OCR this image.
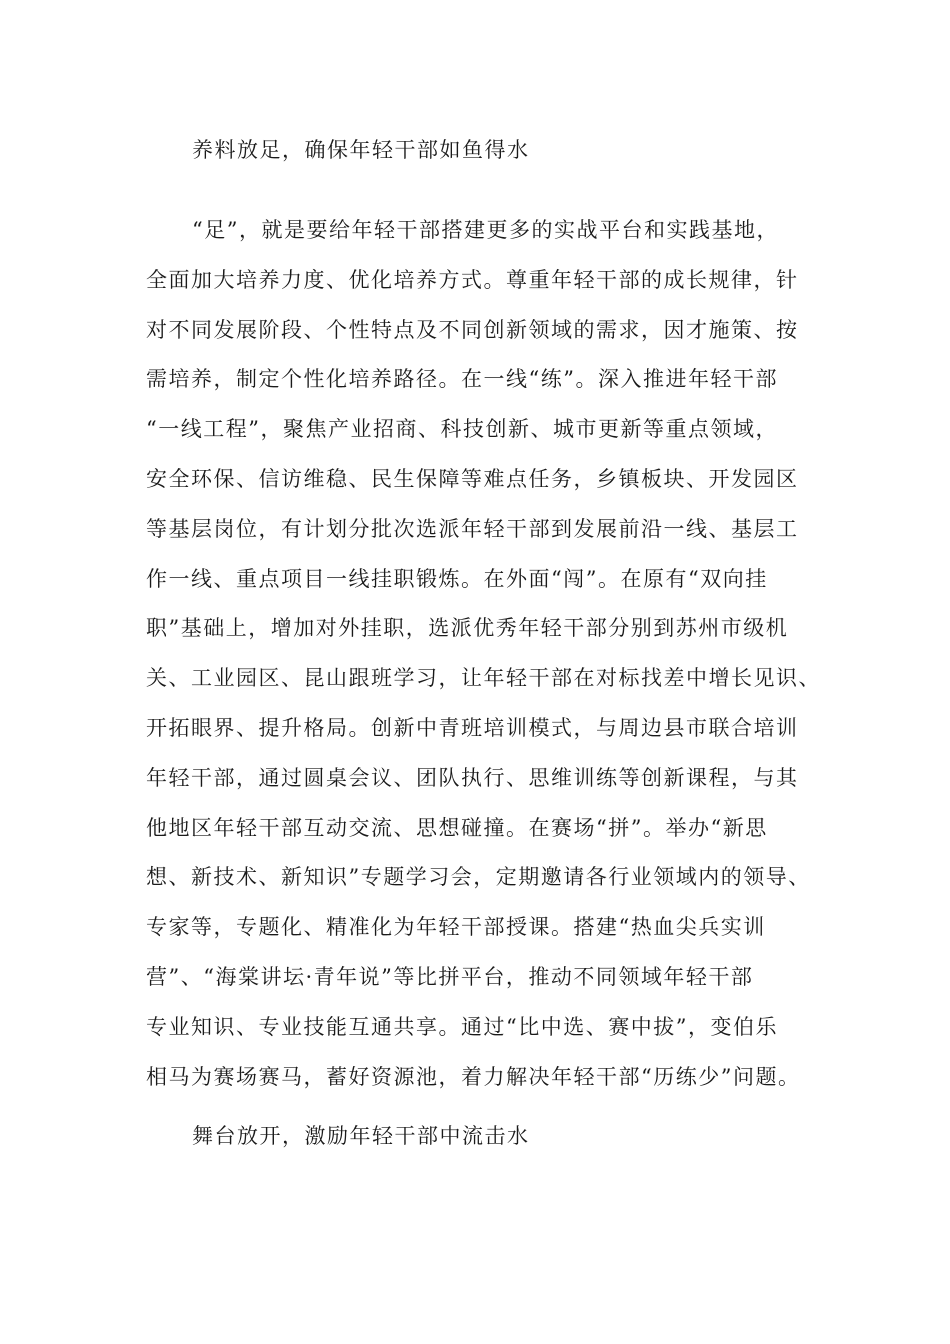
养料放足，确保年轻干部如鱼得水
“足”，就是要给年轻干部搭建更多的实战平台和实践基地，
全面加大培养力度、优化培养方式。尊重年轻干部的成长规律，针
对不同发展阶段、个性特点及不同创新领域的需求，因才施策、按
需培养，制定个性化培养路径。在一线“练”。深入推进年轻干部
“一线工程”，聚焦产业招商、科技创新、城市更新等重点领域，
安全环保、信访维稳、民生保障等难点任务，乡镇板块、开发园区
等基层岗位，有计划分批次选派年轻干部到发展前沿一线、基层工
作一线、重点项目一线挂职锻炼。在外面“闯”。在原有“双向挂
职”基础上，增加对外挂职，选派优秀年轻干部分别到苏州市级机
关、工业园区、昆山跟班学习，让年轻干部在对标找差中增长见识、
开拓眼界、提升格局。创新中青班培训模式，与周边县市联合培训
年轻干部，通过圆桌会议、团队执行、思维训练等创新课程，与其
他地区年轻干部互动交流、思想碰撞。在赛场“拼”。举办“新思
想、新技术、新知识”专题学习会，定期邀请各行业领域内的领导、
专家等，专题化、精准化为年轻干部授课。搭建“热血尖兵实训
营”、“海棠讲坛·青年说”等比拼平台，推动不同领域年轻干部
专业知识、专业技能互通共享。通过“比中选、赛中拔”，变伯乐
相马为赛场赛马，蓄好资源池，着力解决年轻干部“历练少”问题。
舞台放开，激励年轻干部中流击水
